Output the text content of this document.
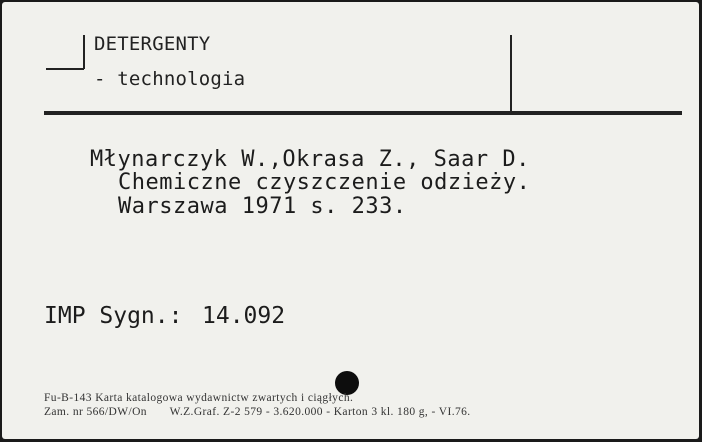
DETERGENTY
- technologia
Młynarczyk W.,Okrasa Z., Saar D.
Chemiczne czyszczenie odzieży.
Warszawa 1971 s. 233.
IMP Sygn.: 14.092
Fu-B-143 Karta katalogowa wydawnictw zwartych i ciągłych.
Zam. nr 566/DW/On       W.Z.Graf. Z-2 579 - 3.620.000 - Karton 3 kl. 180 g, - VI.76.
